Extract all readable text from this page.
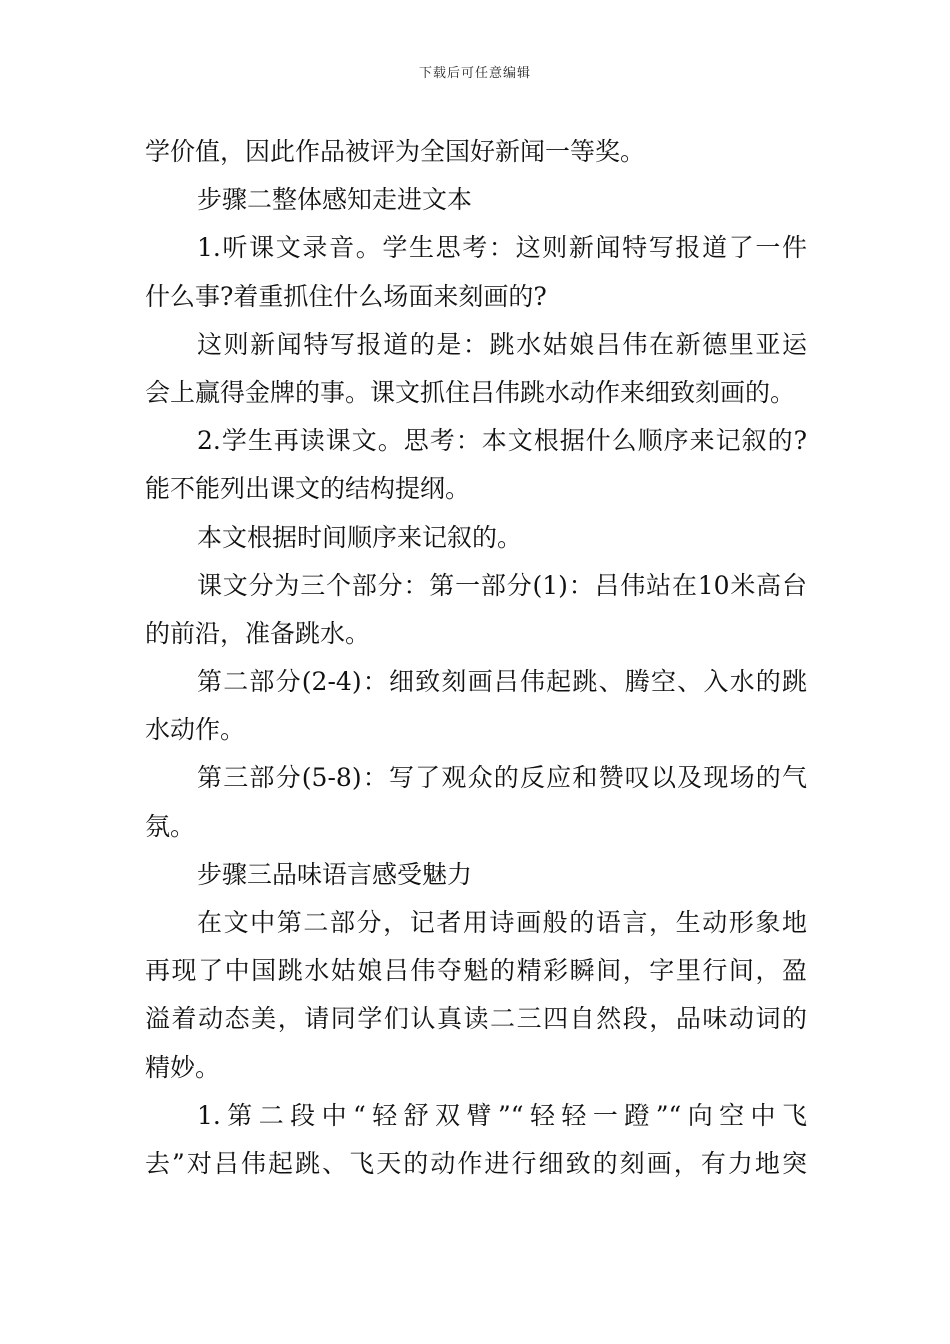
下载后可任意编辑
学价值，因此作品被评为全国好新闻一等奖。
步骤二整体感知走进文本
1.听课文录音。学生思考：这则新闻特写报道了一件
什么事?着重抓住什么场面来刻画的?
这则新闻特写报道的是：跳水姑娘吕伟在新德里亚运
会上赢得金牌的事。课文抓住吕伟跳水动作来细致刻画的。
2.学生再读课文。思考：本文根据什么顺序来记叙的?
能不能列出课文的结构提纲。
本文根据时间顺序来记叙的。
课文分为三个部分：第一部分(1)：吕伟站在10米高台
的前沿，准备跳水。
第二部分(2-4)：细致刻画吕伟起跳、腾空、入水的跳
水动作。
第三部分(5-8)：写了观众的反应和赞叹以及现场的气
氛。
步骤三品味语言感受魅力
在文中第二部分，记者用诗画般的语言，生动形象地
再现了中国跳水姑娘吕伟夺魁的精彩瞬间，字里行间，盈
溢着动态美，请同学们认真读二三四自然段，品味动词的
精妙。
1.第二段中“轻舒双臂”“轻轻一蹬”“向空中飞
去”对吕伟起跳、飞天的动作进行细致的刻画，有力地突
